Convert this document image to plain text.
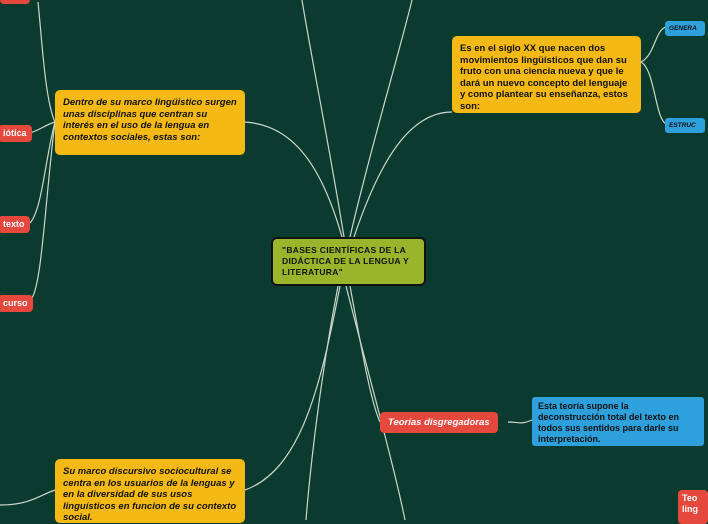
iótica
texto
curso
Dentro de su marco lingüistico surgen unas disciplinas que centran su interés en el uso de la lengua en contextos sociales, estas son:
Es en el siglo XX que nacen dos movimientos lingüísticos que dan su fruto con una ciencia nueva y que le dará un nuevo concepto del lenguaje y como plantear su enseñanza, estos son:
GENERA
ESTRUC
"BASES CIENTÍFICAS DE LA DIDÁCTICA DE LA LENGUA Y LITERATURA"
Teorías disgregadoras
Esta teoría supone la deconstrucción total del texto en todos sus sentidos para darle su interpretación.
Su marco discursivo sociocultural se centra en los usuarios de la lenguas y en la diversidad de sus usos linguísticos en funcion de su contexto social.
Teo
ling
